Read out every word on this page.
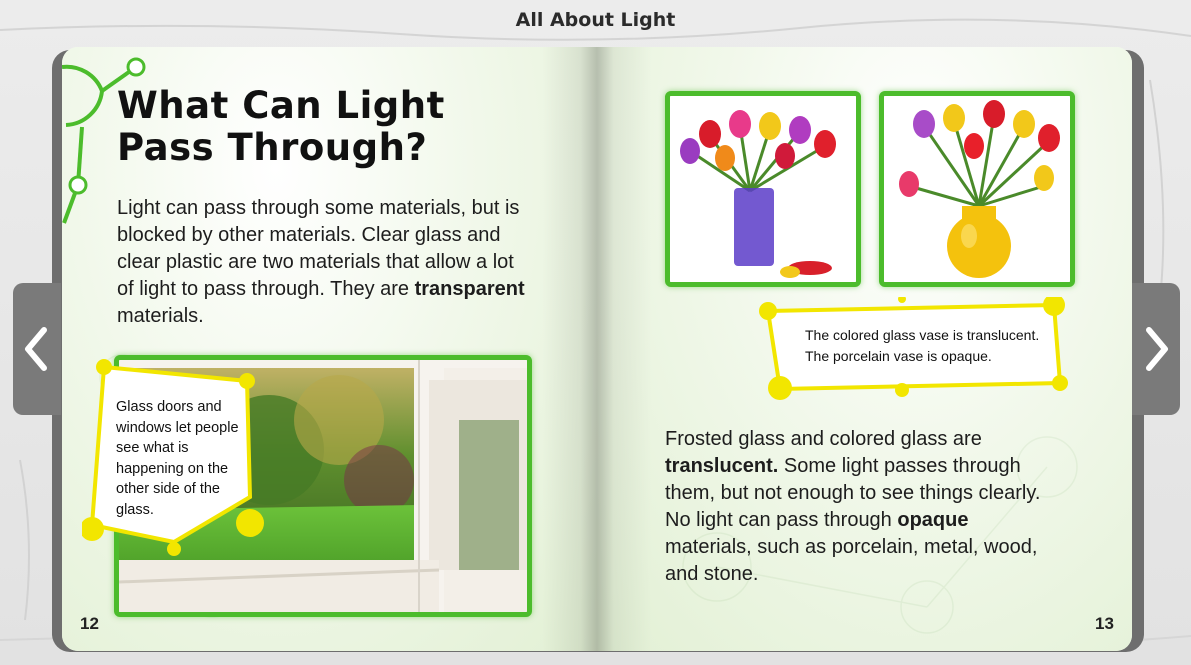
All About Light
What Can Light Pass Through?
Light can pass through some materials, but is blocked by other materials. Clear glass and clear plastic are two materials that allow a lot of light to pass through. They are transparent materials.
Glass doors and windows let people see what is happening on the other side of the glass.
12
The colored glass vase is translucent.
The porcelain vase is opaque.
Frosted glass and colored glass are translucent. Some light passes through them, but not enough to see things clearly. No light can pass through opaque materials, such as porcelain, metal, wood, and stone.
13
